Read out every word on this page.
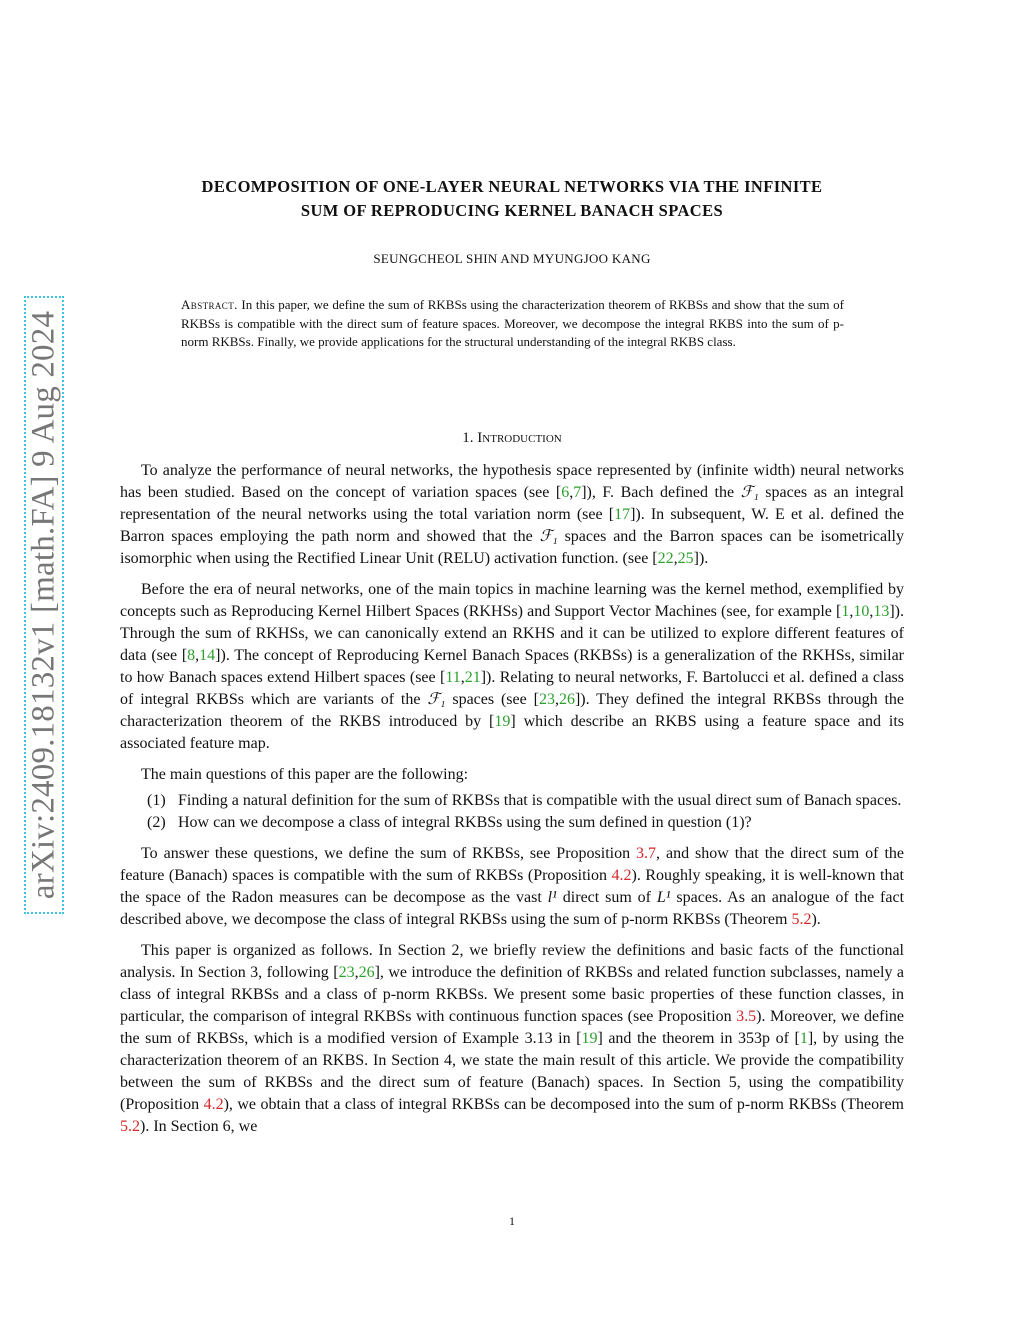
arXiv:2409.18132v1 [math.FA] 9 Aug 2024
DECOMPOSITION OF ONE-LAYER NEURAL NETWORKS VIA THE INFINITE
SUM OF REPRODUCING KERNEL BANACH SPACES
SEUNGCHEOL SHIN AND MYUNGJOO KANG
Abstract. In this paper, we define the sum of RKBSs using the characterization theorem of RKBSs and show that the sum of RKBSs is compatible with the direct sum of feature spaces. Moreover, we decompose the integral RKBS into the sum of p-norm RKBSs. Finally, we provide applications for the structural understanding of the integral RKBS class.
1. Introduction

To analyze the performance of neural networks, the hypothesis space represented by (infinite width) neural networks has been studied. Based on the concept of variation spaces (see [6,7]), F. Bach defined the ℱ₁ spaces as an integral representation of the neural networks using the total variation norm (see [17]). In subsequent, W. E et al. defined the Barron spaces employing the path norm and showed that the ℱ₁ spaces and the Barron spaces can be isometrically isomorphic when using the Rectified Linear Unit (RELU) activation function. (see [22,25]).

Before the era of neural networks, one of the main topics in machine learning was the kernel method, exemplified by concepts such as Reproducing Kernel Hilbert Spaces (RKHSs) and Support Vector Machines (see, for example [1,10,13]). Through the sum of RKHSs, we can canonically extend an RKHS and it can be utilized to explore different features of data (see [8,14]). The concept of Reproducing Kernel Banach Spaces (RKBSs) is a generalization of the RKHSs, similar to how Banach spaces extend Hilbert spaces (see [11,21]). Relating to neural networks, F. Bartolucci et al. defined a class of integral RKBSs which are variants of the ℱ₁ spaces (see [23,26]). They defined the integral RKBSs through the characterization theorem of the RKBS introduced by [19] which describe an RKBS using a feature space and its associated feature map.

The main questions of this paper are the following:

(1) Finding a natural definition for the sum of RKBSs that is compatible with the usual direct sum of Banach spaces.
(2) How can we decompose a class of integral RKBSs using the sum defined in question (1)?

To answer these questions, we define the sum of RKBSs, see Proposition 3.7, and show that the direct sum of the feature (Banach) spaces is compatible with the sum of RKBSs (Proposition 4.2). Roughly speaking, it is well-known that the space of the Radon measures can be decompose as the vast l¹ direct sum of L¹ spaces. As an analogue of the fact described above, we decompose the class of integral RKBSs using the sum of p-norm RKBSs (Theorem 5.2).

This paper is organized as follows. In Section 2, we briefly review the definitions and basic facts of the functional analysis. In Section 3, following [23,26], we introduce the definition of RKBSs and related function subclasses, namely a class of integral RKBSs and a class of p-norm RKBSs. We present some basic properties of these function classes, in particular, the comparison of integral RKBSs with continuous function spaces (see Proposition 3.5). Moreover, we define the sum of RKBSs, which is a modified version of Example 3.13 in [19] and the theorem in 353p of [1], by using the characterization theorem of an RKBS. In Section 4, we state the main result of this article. We provide the compatibility between the sum of RKBSs and the direct sum of feature (Banach) spaces. In Section 5, using the compatibility (Proposition 4.2), we obtain that a class of integral RKBSs can be decomposed into the sum of p-norm RKBSs (Theorem 5.2). In Section 6, we

1
